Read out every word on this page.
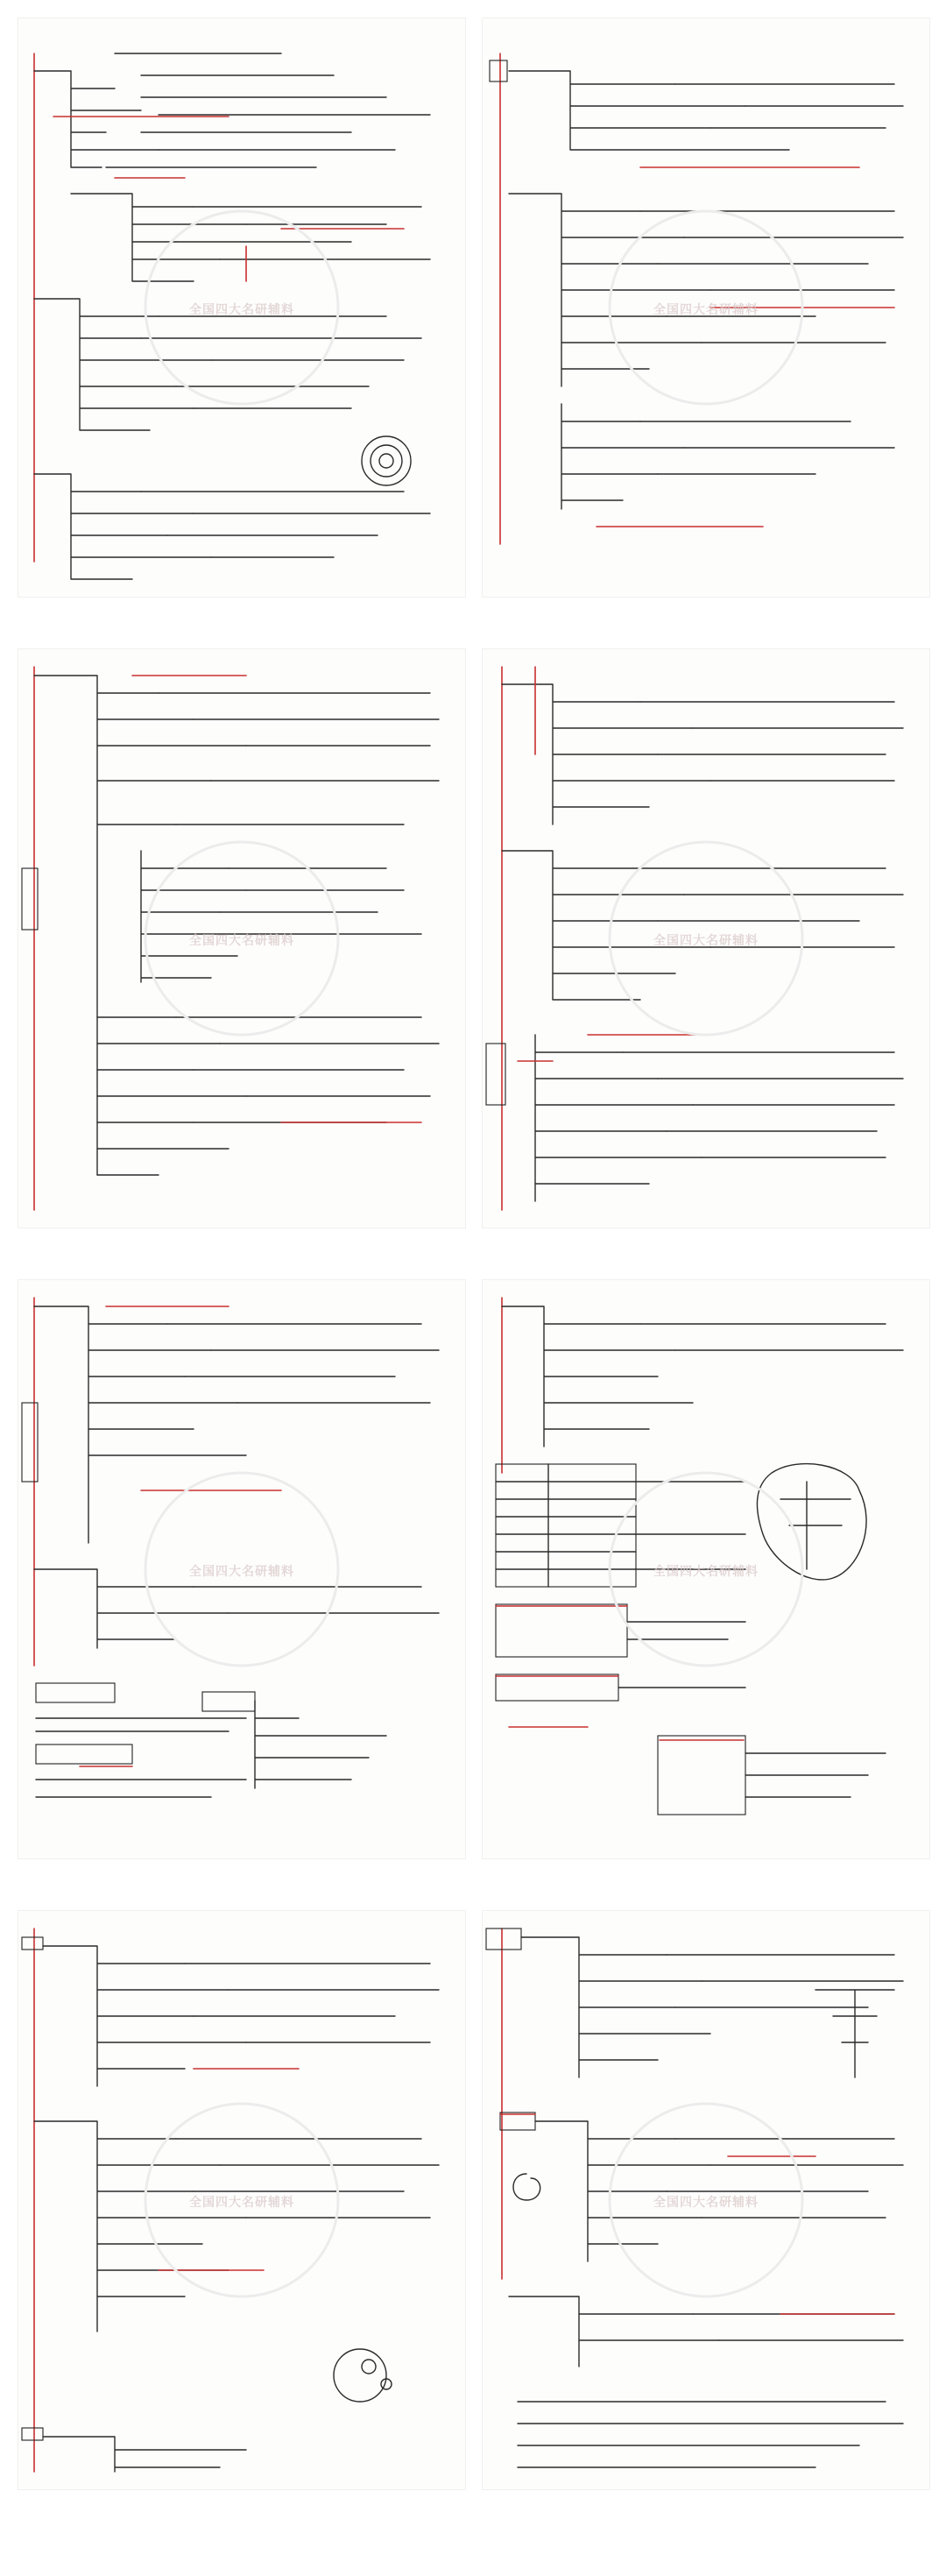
全国四大名研辅料	全国四大名研辅料
全国四大名研辅料	全国四大名研辅料
全国四大名研辅料	全国四大名研辅料
全国四大名研辅料	全国四大名研辅料
